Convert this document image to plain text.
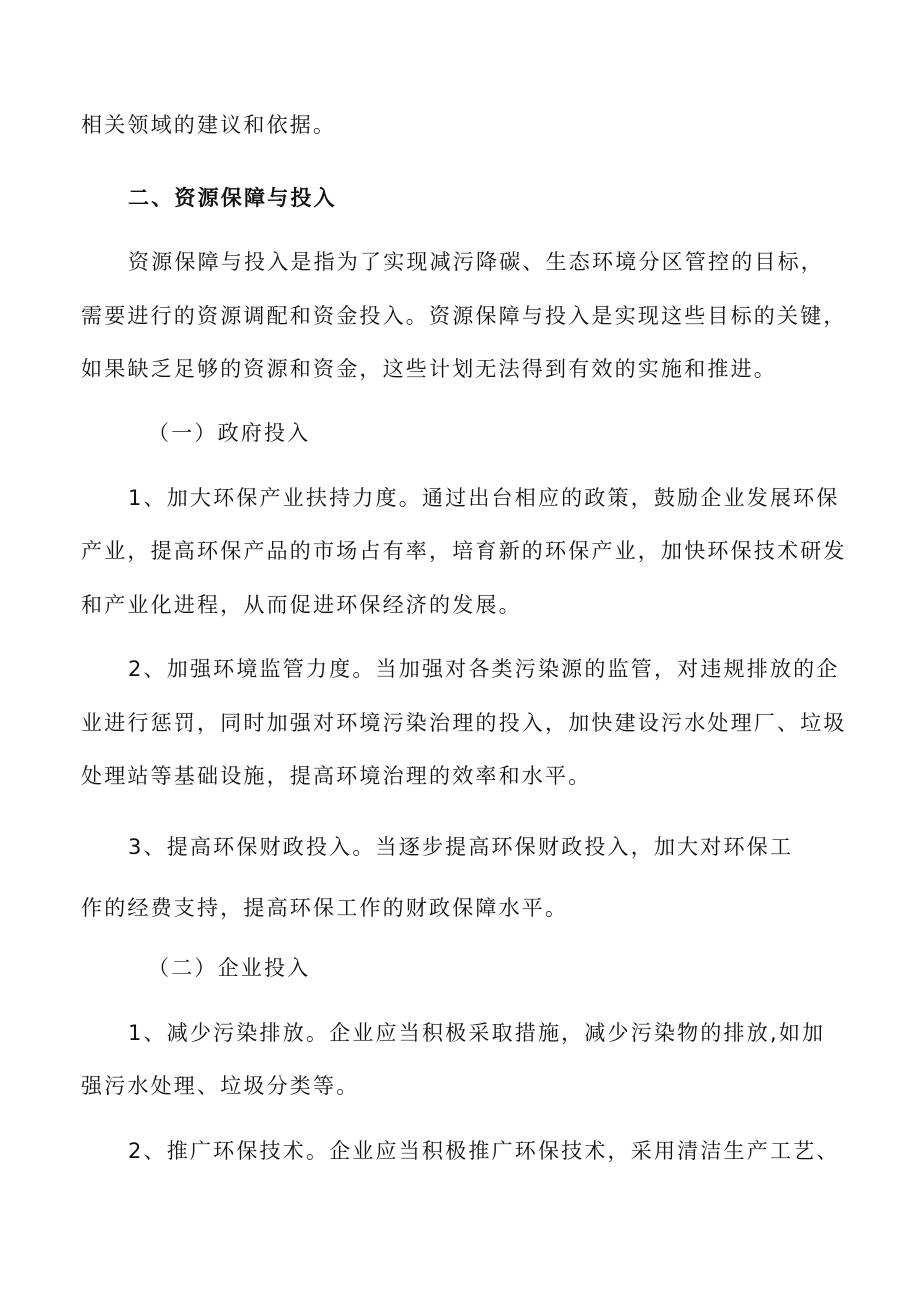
相关领域的建议和依据。
二、资源保障与投入
资源保障与投入是指为了实现减污降碳、生态环境分区管控的目标，
需要进行的资源调配和资金投入。资源保障与投入是实现这些目标的关键，
如果缺乏足够的资源和资金，这些计划无法得到有效的实施和推进。
（一）政府投入
1、加大环保产业扶持力度。通过出台相应的政策，鼓励企业发展环保
产业，提高环保产品的市场占有率，培育新的环保产业，加快环保技术研发
和产业化进程，从而促进环保经济的发展。
2、加强环境监管力度。当加强对各类污染源的监管，对违规排放的企
业进行惩罚，同时加强对环境污染治理的投入，加快建设污水处理厂、垃圾
处理站等基础设施，提高环境治理的效率和水平。
3、提高环保财政投入。当逐步提高环保财政投入，加大对环保工
作的经费支持，提高环保工作的财政保障水平。
（二）企业投入
1、减少污染排放。企业应当积极采取措施，减少污染物的排放,如加
强污水处理、垃圾分类等。
2、推广环保技术。企业应当积极推广环保技术，采用清洁生产工艺、
